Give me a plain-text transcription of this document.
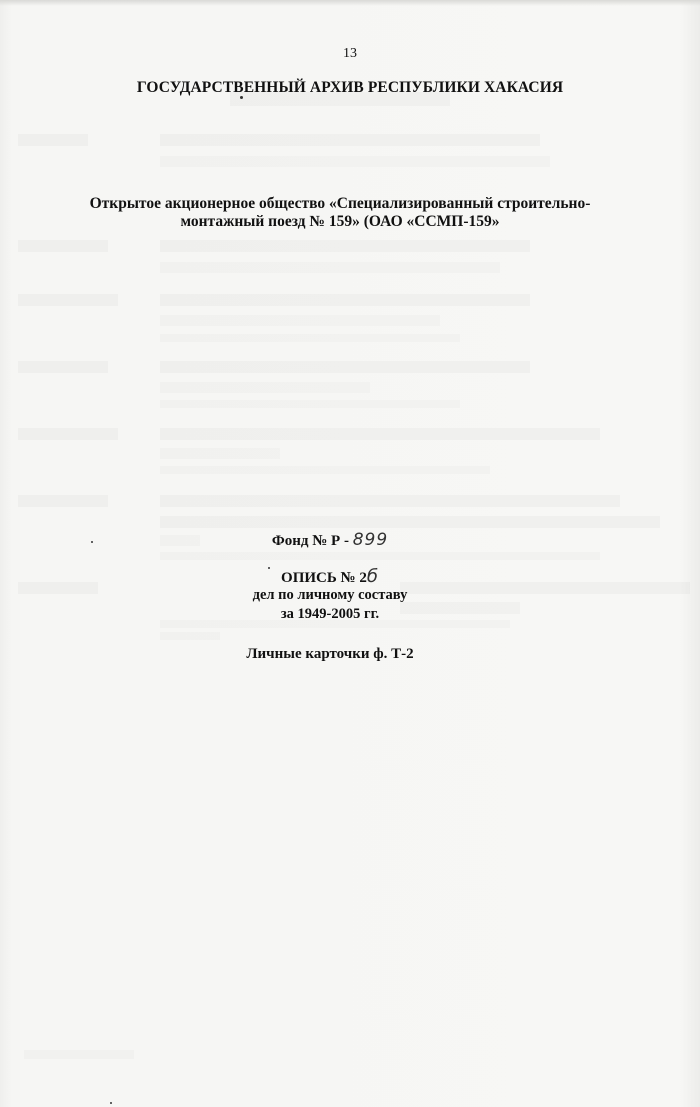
13
ГОСУДАРСТВЕННЫЙ АРХИВ РЕСПУБЛИКИ ХАКАСИЯ
Открытое акционерное общество «Специализированный строительно-
монтажный поезд № 159» (ОАО «ССМП-159»
Фонд № Р - 899
ОПИСЬ № 2б
дел по личному составу
за 1949-2005 гг.
Личные карточки ф. Т-2
